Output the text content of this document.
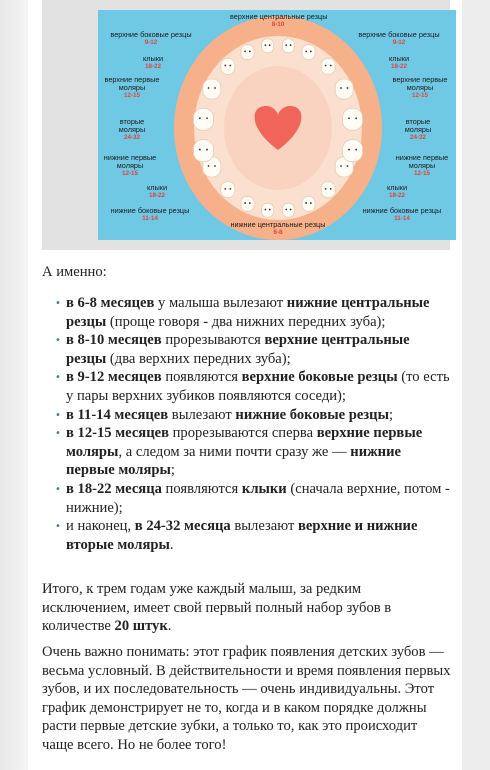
верхние центральные резцы
8-10
верхние боковые резцы
9-12
верхние боковые резцы
9-12
клыки
18-22
клыки
18-22
верхние первые моляры
12-15
верхние первые моляры
12-15
вторые моляры
24-32
вторые моляры
24-32
нижние первые моляры
12-15
нижние первые моляры
12-15
клыки
18-22
клыки
18-22
нижние боковые резцы
11-14
нижние боковые резцы
11-14
нижние центральные резцы
6-8
А именно:
• в 6-8 месяцев у малыша вылезают нижние центральные резцы (проще говоря - два нижних передних зуба);
• в 8-10 месяцев прорезываются верхние центральные резцы (два верхних передних зуба);
• в 9-12 месяцев появляются верхние боковые резцы (то есть у пары верхних зубиков появляются соседи);
• в 11-14 месяцев вылезают нижние боковые резцы;
• в 12-15 месяцев прорезываются сперва верхние первые моляры, а следом за ними почти сразу же — нижние первые моляры;
• в 18-22 месяца появляются клыки (сначала верхние, потом - нижние);
• и наконец, в 24-32 месяца вылезают верхние и нижние вторые моляры.
Итого, к трем годам уже каждый малыш, за редким исключением, имеет свой первый полный набор зубов в количестве 20 штук.
Очень важно понимать: этот график появления детских зубов — весьма условный. В действительности и время появления первых зубов, и их последовательность — очень индивидуальны. Этот график демонстрирует не то, когда и в каком порядке должны расти первые детские зубки, а только то, как это происходит чаще всего. Но не более того!
